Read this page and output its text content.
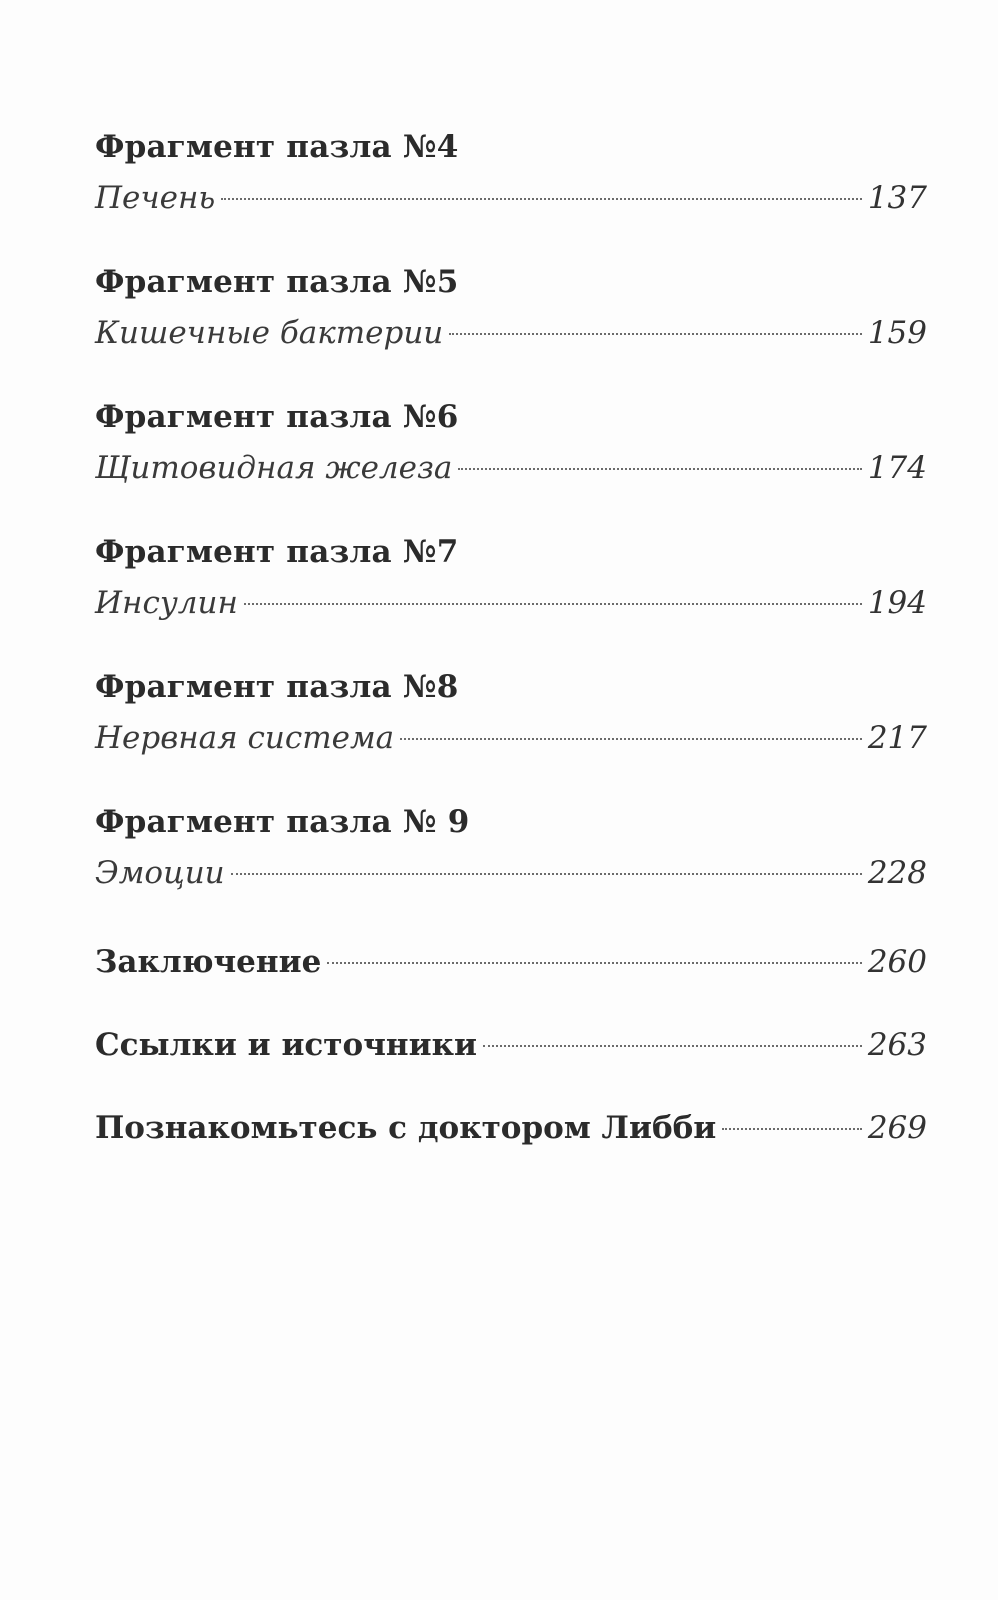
Фрагмент пазла №4
Печень	137
Фрагмент пазла №5
Кишечные бактерии	159
Фрагмент пазла №6
Щитовидная железа	174
Фрагмент пазла №7
Инсулин	194
Фрагмент пазла №8
Нервная система	217
Фрагмент пазла № 9
Эмоции	228
Заключение	260
Ссылки и источники	263
Познакомьтесь с доктором Либби	269
